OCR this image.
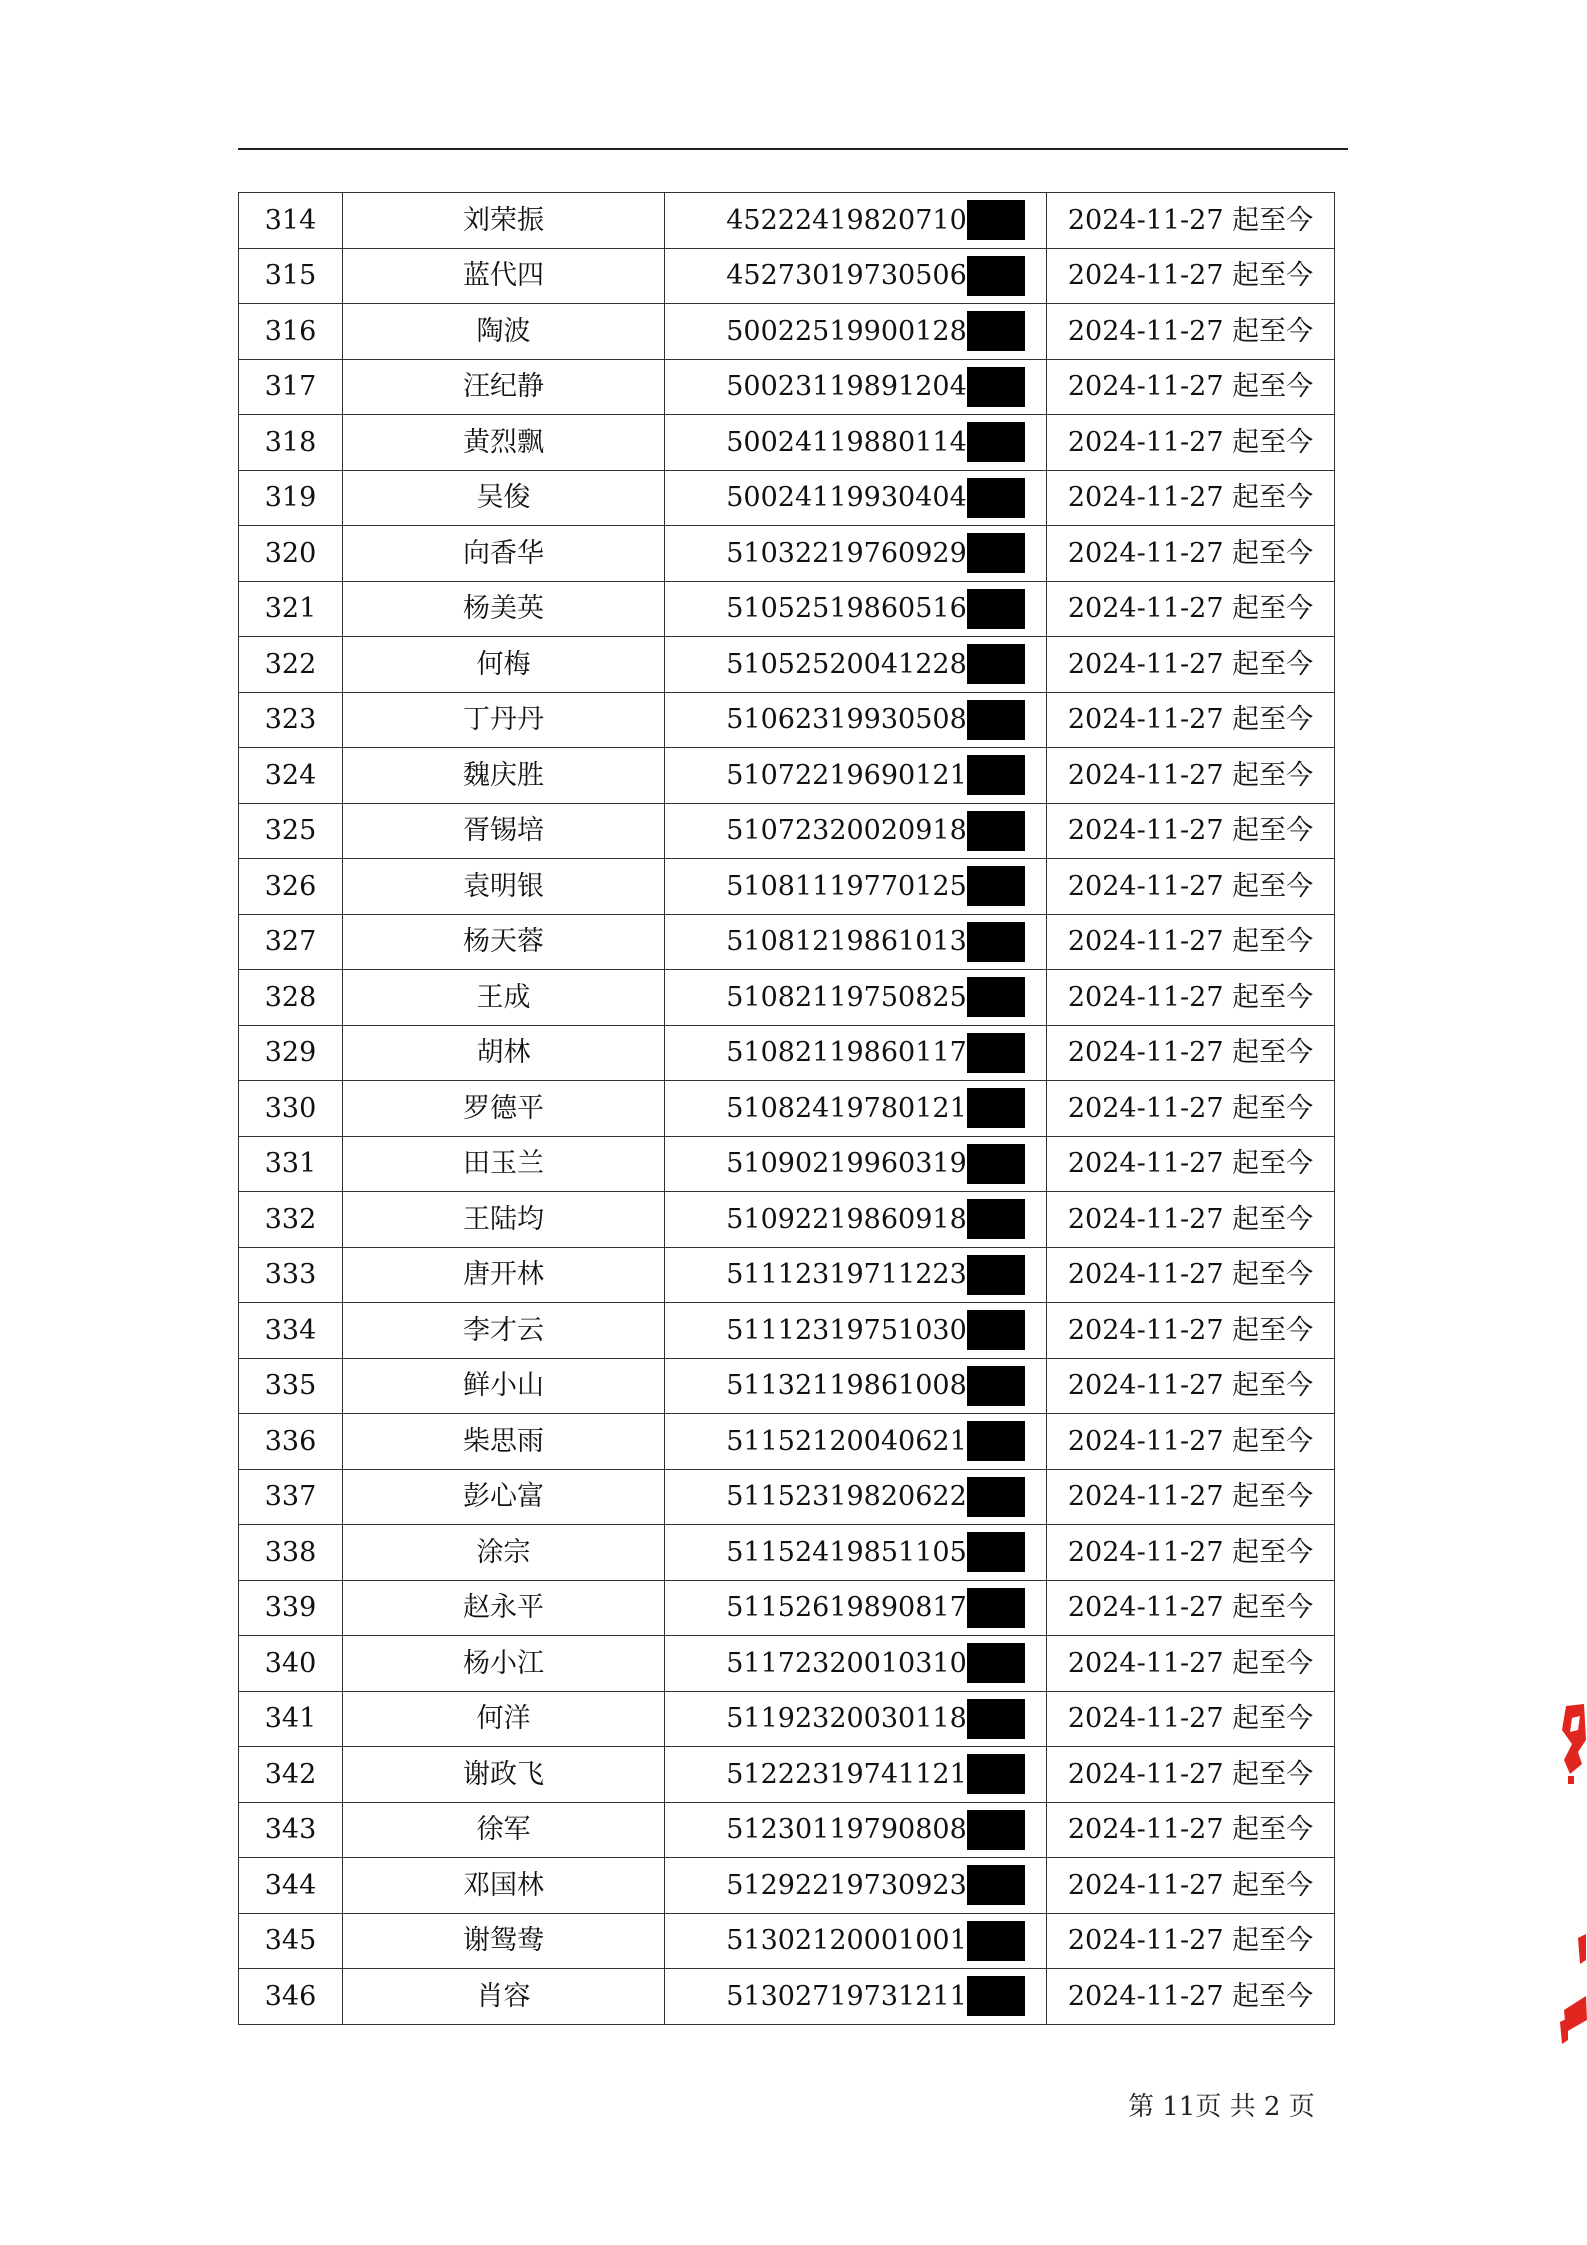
314	刘荣振	45222419820710	2024-11-27 起至今
315	蓝代四	45273019730506	2024-11-27 起至今
316	陶波	50022519900128	2024-11-27 起至今
317	汪纪静	50023119891204	2024-11-27 起至今
318	黄烈飘	50024119880114	2024-11-27 起至今
319	吴俊	50024119930404	2024-11-27 起至今
320	向香华	51032219760929	2024-11-27 起至今
321	杨美英	51052519860516	2024-11-27 起至今
322	何梅	51052520041228	2024-11-27 起至今
323	丁丹丹	51062319930508	2024-11-27 起至今
324	魏庆胜	51072219690121	2024-11-27 起至今
325	胥锡培	51072320020918	2024-11-27 起至今
326	袁明银	51081119770125	2024-11-27 起至今
327	杨天蓉	51081219861013	2024-11-27 起至今
328	王成	51082119750825	2024-11-27 起至今
329	胡林	51082119860117	2024-11-27 起至今
330	罗德平	51082419780121	2024-11-27 起至今
331	田玉兰	51090219960319	2024-11-27 起至今
332	王陆均	51092219860918	2024-11-27 起至今
333	唐开林	51112319711223	2024-11-27 起至今
334	李才云	51112319751030	2024-11-27 起至今
335	鲜小山	51132119861008	2024-11-27 起至今
336	柴思雨	51152120040621	2024-11-27 起至今
337	彭心富	51152319820622	2024-11-27 起至今
338	涂宗	51152419851105	2024-11-27 起至今
339	赵永平	51152619890817	2024-11-27 起至今
340	杨小江	51172320010310	2024-11-27 起至今
341	何洋	51192320030118	2024-11-27 起至今
342	谢政飞	51222319741121	2024-11-27 起至今
343	徐军	51230119790808	2024-11-27 起至今
344	邓国林	51292219730923	2024-11-27 起至今
345	谢鸳鸯	51302120001001	2024-11-27 起至今
346	肖容	51302719731211	2024-11-27 起至今
第 11页 共 2 页
